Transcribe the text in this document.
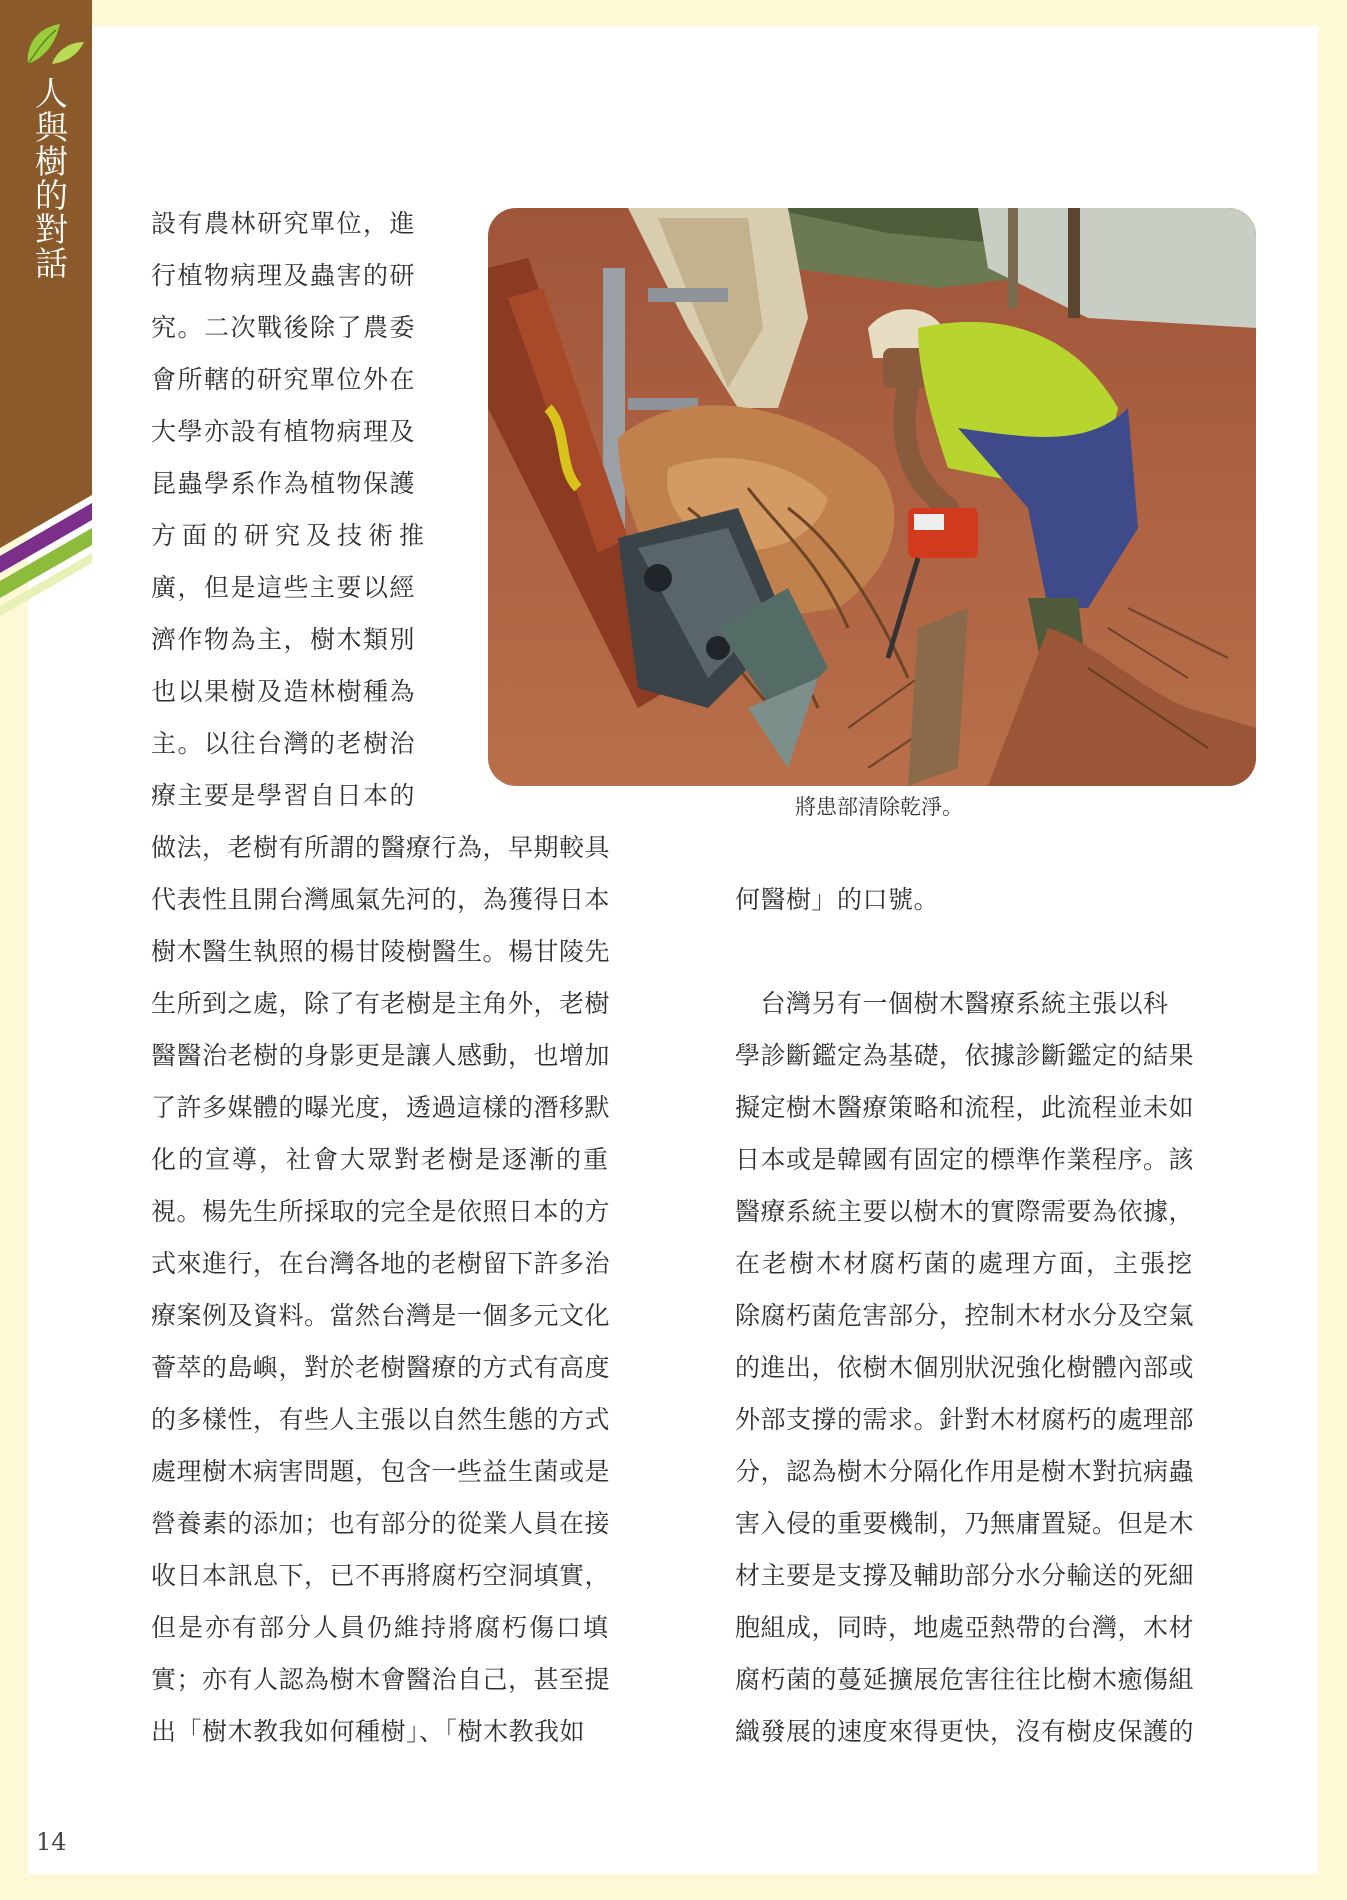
人與樹的對話
將患部清除乾淨。
設有農林研究單位，進
行植物病理及蟲害的研
究。二次戰後除了農委
會所轄的研究單位外在
大學亦設有植物病理及
昆蟲學系作為植物保護
方面的研究及技術推
廣，但是這些主要以經
濟作物為主，樹木類別
也以果樹及造林樹種為
主。以往台灣的老樹治
療主要是學習自日本的
做法，老樹有所謂的醫療行為，早期較具
代表性且開台灣風氣先河的，為獲得日本
樹木醫生執照的楊甘陵樹醫生。楊甘陵先
生所到之處，除了有老樹是主角外，老樹
醫醫治老樹的身影更是讓人感動，也增加
了許多媒體的曝光度，透過這樣的潛移默
化的宣導，社會大眾對老樹是逐漸的重
視。楊先生所採取的完全是依照日本的方
式來進行，在台灣各地的老樹留下許多治
療案例及資料。當然台灣是一個多元文化
薈萃的島嶼，對於老樹醫療的方式有高度
的多樣性，有些人主張以自然生態的方式
處理樹木病害問題，包含一些益生菌或是
營養素的添加；也有部分的從業人員在接
收日本訊息下，已不再將腐朽空洞填實，
但是亦有部分人員仍維持將腐朽傷口填
實；亦有人認為樹木會醫治自己，甚至提
出「樹木教我如何種樹」、「樹木教我如
何醫樹」的口號。
　台灣另有一個樹木醫療系統主張以科
學診斷鑑定為基礎，依據診斷鑑定的結果
擬定樹木醫療策略和流程，此流程並未如
日本或是韓國有固定的標準作業程序。該
醫療系統主要以樹木的實際需要為依據，
在老樹木材腐朽菌的處理方面，主張挖
除腐朽菌危害部分，控制木材水分及空氣
的進出，依樹木個別狀況強化樹體內部或
外部支撐的需求。針對木材腐朽的處理部
分，認為樹木分隔化作用是樹木對抗病蟲
害入侵的重要機制，乃無庸置疑。但是木
材主要是支撐及輔助部分水分輸送的死細
胞組成，同時，地處亞熱帶的台灣，木材
腐朽菌的蔓延擴展危害往往比樹木癒傷組
織發展的速度來得更快，沒有樹皮保護的
14
